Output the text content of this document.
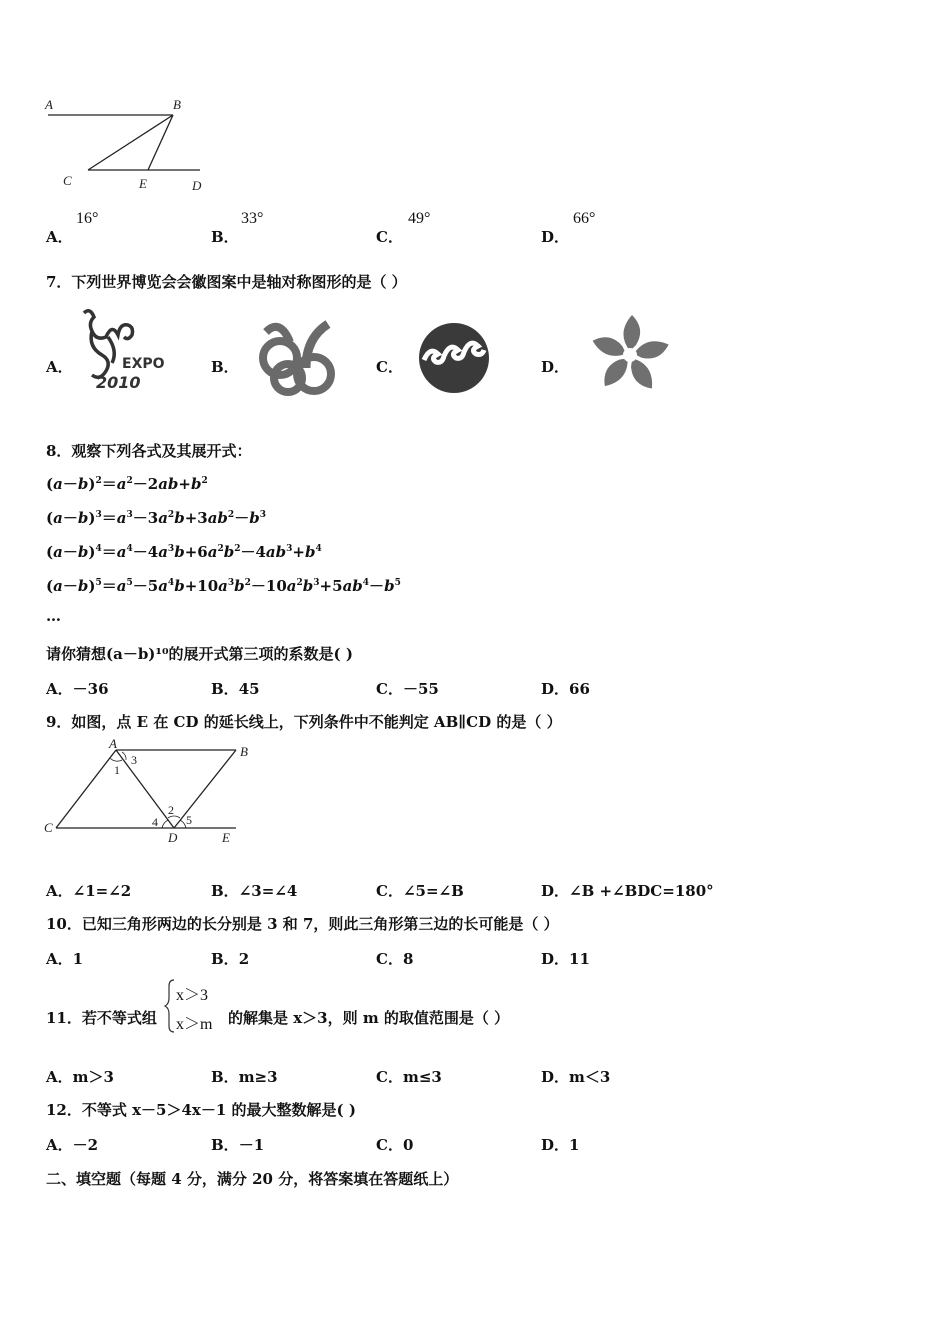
A	B
C	E	D
A．
16°
B．
33°
C．
49°
D．
66°
7．下列世界博览会会徽图案中是轴对称图形的是（ ）
A．	EXPO
2010
B．	C．	D．
8．观察下列各式及其展开式：
$(a-b)^2=a^2-2ab+b^2$
$(a-b)^3=a^3-3a^2b+3ab^2-b^3$
$(a-b)^4=a^4-4a^3b+6a^2b^2-4ab^3+b^4$
$(a-b)^5=a^5-5a^4b+10a^3b^2-10a^2b^3+5ab^4-b^5$
…
请你猜想(a－b)¹⁰的展开式第三项的系数是( )
A．－36	B．45	C．－55	D．66
9．如图，点 E 在 CD 的延长线上，下列条件中不能判定 AB∥CD 的是（ ）
A
B
C
D	E
1
3
2
4 5
A．∠1=∠2	B．∠3=∠4	C．∠5=∠B	D．∠B +∠BDC=180°
10．已知三角形两边的长分别是 3 和 7，则此三角形第三边的长可能是（ ）
A．1	B．2	C．8	D．11
11．若不等式组
x＞3
x＞m 的解集是 x＞3，则 m 的取值范围是（ ）
A．m＞3	B．m≥3	C．m≤3	D．m＜3
12．不等式 x－5＞4x－1 的最大整数解是( )
A．－2	B．－1	C．0	D．1
二、填空题（每题 4 分，满分 20 分，将答案填在答题纸上）
